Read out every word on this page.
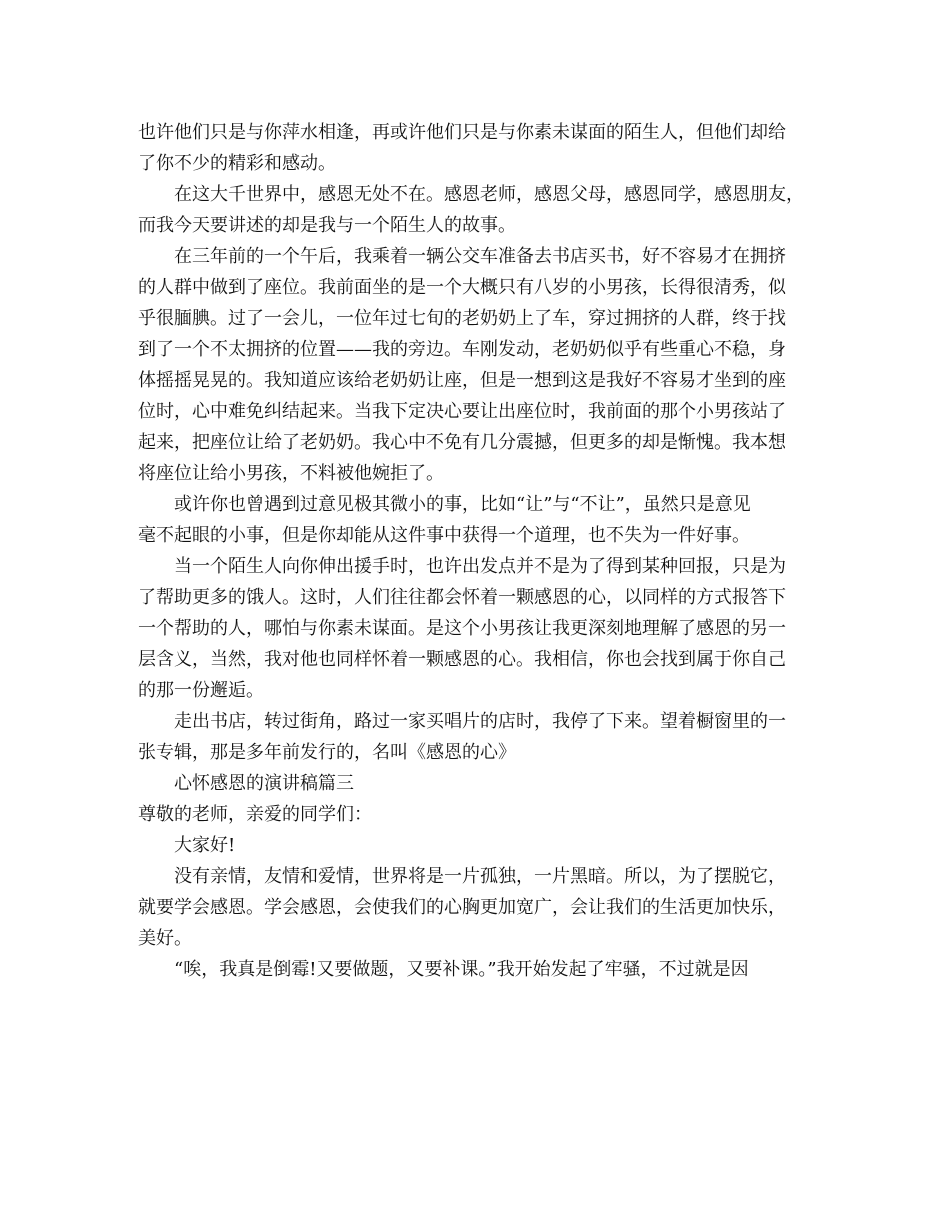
也许他们只是与你萍水相逢，再或许他们只是与你素未谋面的陌生人，但他们却给
了你不少的精彩和感动。
在这大千世界中，感恩无处不在。感恩老师，感恩父母，感恩同学，感恩朋友，
而我今天要讲述的却是我与一个陌生人的故事。
在三年前的一个午后，我乘着一辆公交车准备去书店买书，好不容易才在拥挤
的人群中做到了座位。我前面坐的是一个大概只有八岁的小男孩，长得很清秀，似
乎很腼腆。过了一会儿，一位年过七旬的老奶奶上了车，穿过拥挤的人群，终于找
到了一个不太拥挤的位置——我的旁边。车刚发动，老奶奶似乎有些重心不稳，身
体摇摇晃晃的。我知道应该给老奶奶让座，但是一想到这是我好不容易才坐到的座
位时，心中难免纠结起来。当我下定决心要让出座位时，我前面的那个小男孩站了
起来，把座位让给了老奶奶。我心中不免有几分震撼，但更多的却是惭愧。我本想
将座位让给小男孩，不料被他婉拒了。
或许你也曾遇到过意见极其微小的事，比如“让”与“不让”，虽然只是意见
毫不起眼的小事，但是你却能从这件事中获得一个道理，也不失为一件好事。
当一个陌生人向你伸出援手时，也许出发点并不是为了得到某种回报，只是为
了帮助更多的饿人。这时，人们往往都会怀着一颗感恩的心，以同样的方式报答下
一个帮助的人，哪怕与你素未谋面。是这个小男孩让我更深刻地理解了感恩的另一
层含义，当然，我对他也同样怀着一颗感恩的心。我相信，你也会找到属于你自己
的那一份邂逅。
走出书店，转过街角，路过一家买唱片的店时，我停了下来。望着橱窗里的一
张专辑，那是多年前发行的，名叫《感恩的心》
心怀感恩的演讲稿篇三
尊敬的老师，亲爱的同学们：
大家好!
没有亲情，友情和爱情，世界将是一片孤独，一片黑暗。所以，为了摆脱它，
就要学会感恩。学会感恩，会使我们的心胸更加宽广，会让我们的生活更加快乐，
美好。
“唉，我真是倒霉!又要做题，又要补课。”我开始发起了牢骚，不过就是因
